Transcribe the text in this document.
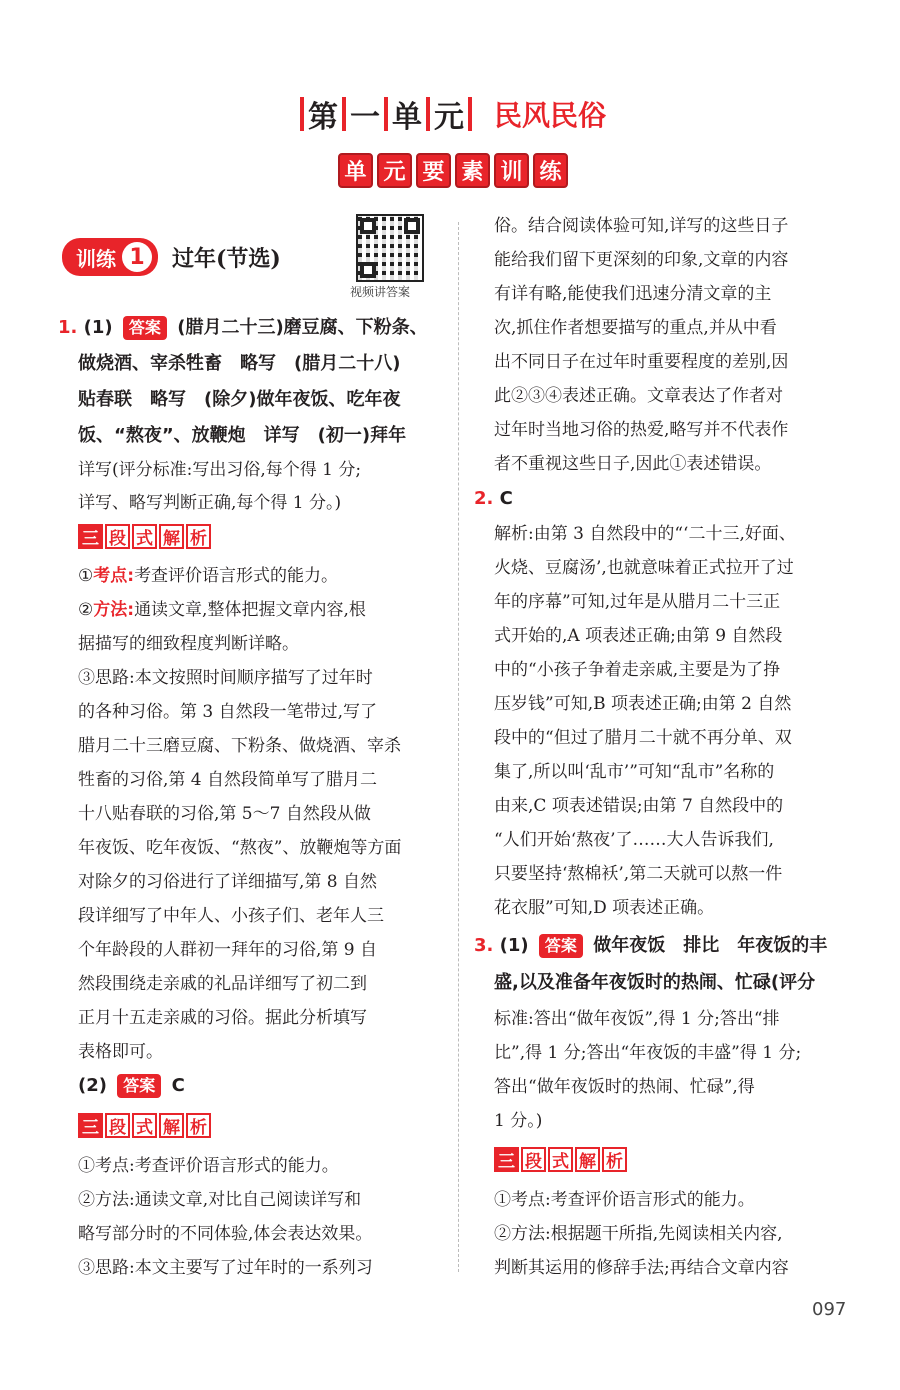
第 一 单 元 民风民俗
单 元 要 素 训 练
训练 1	过年(节选)
视频讲答案
1. (1) 答案 (腊月二十三)磨豆腐、下粉条、
做烧酒、宰杀牲畜　略写　(腊月二十八)
贴春联　略写　(除夕)做年夜饭、吃年夜
饭、“熬夜”、放鞭炮　详写　(初一)拜年
详写(评分标准:写出习俗,每个得 1 分;
详写、略写判断正确,每个得 1 分。)
三 段 式 解 析
①考点:考查评价语言形式的能力。
②方法:通读文章,整体把握文章内容,根
据描写的细致程度判断详略。
③思路:本文按照时间顺序描写了过年时
的各种习俗。第 3 自然段一笔带过,写了
腊月二十三磨豆腐、下粉条、做烧酒、宰杀
牲畜的习俗,第 4 自然段简单写了腊月二
十八贴春联的习俗,第 5～7 自然段从做
年夜饭、吃年夜饭、“熬夜”、放鞭炮等方面
对除夕的习俗进行了详细描写,第 8 自然
段详细写了中年人、小孩子们、老年人三
个年龄段的人群初一拜年的习俗,第 9 自
然段围绕走亲戚的礼品详细写了初二到
正月十五走亲戚的习俗。据此分析填写
表格即可。
(2) 答案 C
三 段 式 解 析
①考点:考查评价语言形式的能力。
②方法:通读文章,对比自己阅读详写和
略写部分时的不同体验,体会表达效果。
③思路:本文主要写了过年时的一系列习
俗。结合阅读体验可知,详写的这些日子
能给我们留下更深刻的印象,文章的内容
有详有略,能使我们迅速分清文章的主
次,抓住作者想要描写的重点,并从中看
出不同日子在过年时重要程度的差别,因
此②③④表述正确。文章表达了作者对
过年时当地习俗的热爱,略写并不代表作
者不重视这些日子,因此①表述错误。
2. C
解析:由第 3 自然段中的“‘二十三,好面、
火烧、豆腐汤’,也就意味着正式拉开了过
年的序幕”可知,过年是从腊月二十三正
式开始的,A 项表述正确;由第 9 自然段
中的“小孩子争着走亲戚,主要是为了挣
压岁钱”可知,B 项表述正确;由第 2 自然
段中的“但过了腊月二十就不再分单、双
集了,所以叫‘乱市’”可知“乱市”名称的
由来,C 项表述错误;由第 7 自然段中的
“人们开始‘熬夜’了……大人告诉我们,
只要坚持‘熬棉袄’,第二天就可以熬一件
花衣服”可知,D 项表述正确。
3. (1) 答案 做年夜饭　排比　年夜饭的丰
盛,以及准备年夜饭时的热闹、忙碌(评分
标准:答出“做年夜饭”,得 1 分;答出“排
比”,得 1 分;答出“年夜饭的丰盛”得 1 分;
答出“做年夜饭时的热闹、忙碌”,得
1 分。)
三 段 式 解 析
①考点:考查评价语言形式的能力。
②方法:根据题干所指,先阅读相关内容,
判断其运用的修辞手法;再结合文章内容
097
